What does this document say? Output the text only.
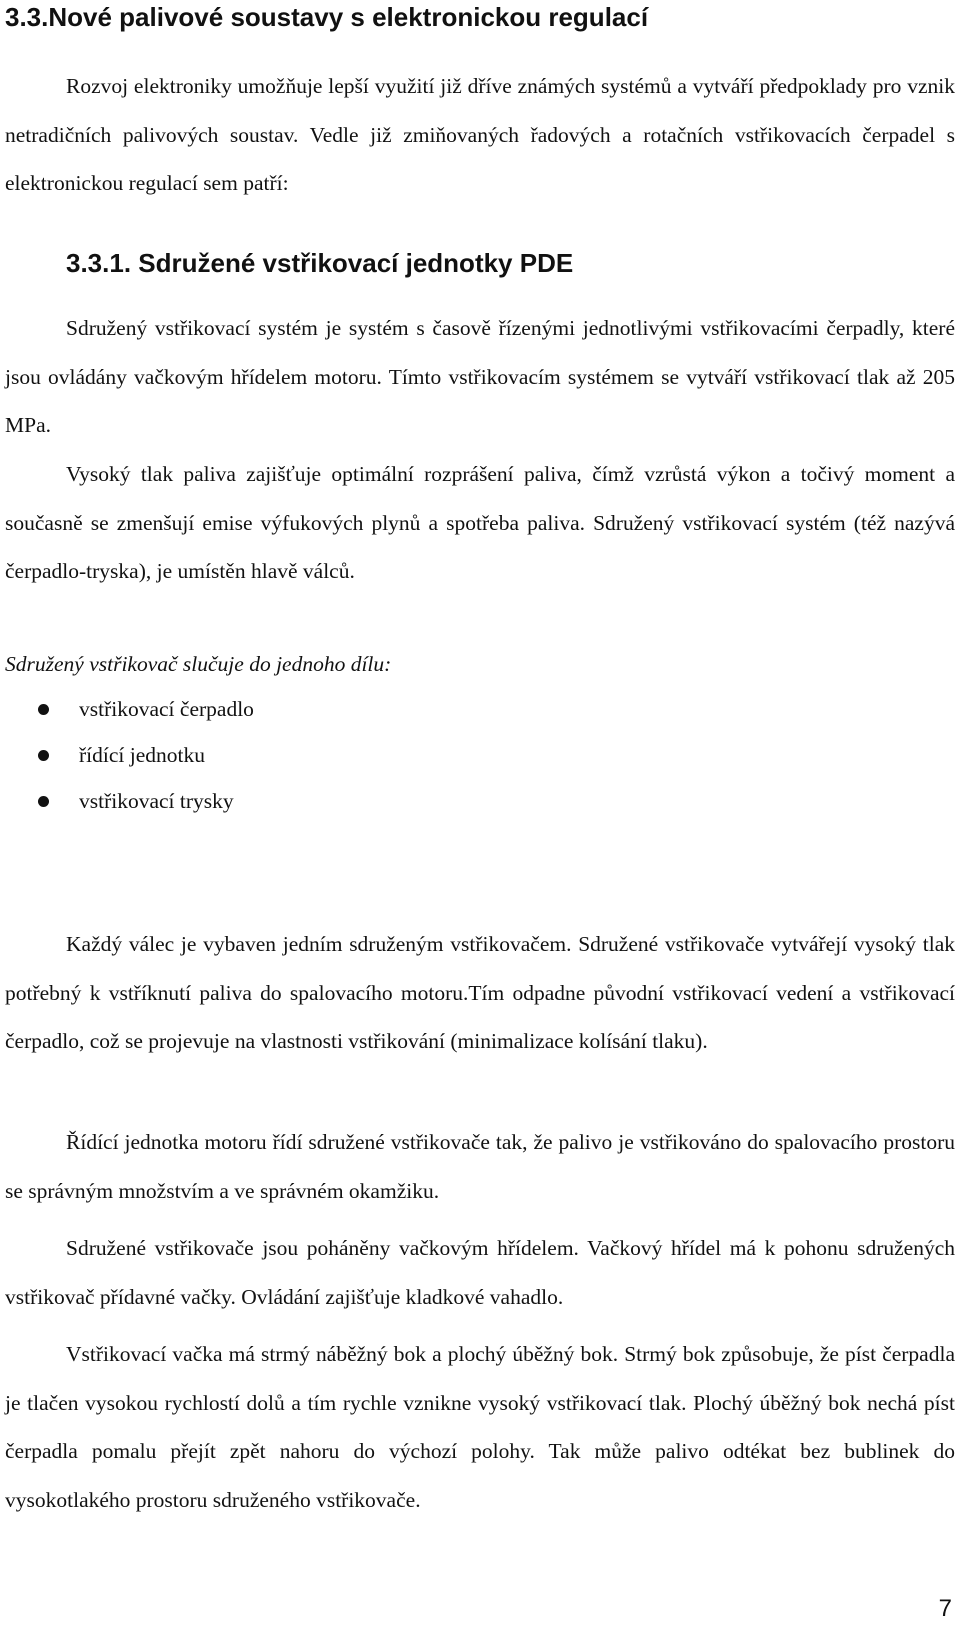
3.3.Nové palivové soustavy s elektronickou regulací

Rozvoj elektroniky umožňuje lepší využití již dříve známých systémů a vytváří předpoklady pro vznik netradičních palivových soustav. Vedle již zmiňovaných řadových a rotačních vstřikovacích čerpadel s elektronickou regulací sem patří:

3.3.1. Sdružené vstřikovací jednotky PDE

Sdružený vstřikovací systém je systém s časově řízenými jednotlivými vstřikovacími čerpadly, které jsou ovládány vačkovým hřídelem motoru. Tímto vstřikovacím systémem se vytváří vstřikovací tlak až 205 MPa.

Vysoký tlak paliva zajišťuje optimální rozprášení paliva, čímž vzrůstá výkon a točivý moment a současně se zmenšují emise výfukových plynů a spotřeba paliva. Sdružený vstřikovací systém (též nazývá čerpadlo-tryska), je umístěn hlavě válců.

Sdružený vstřikovač slučuje do jednoho dílu:

vstřikovací čerpadlo
řídící jednotku
vstřikovací trysky

Každý válec je vybaven jedním sdruženým vstřikovačem. Sdružené vstřikovače vytvářejí vysoký tlak potřebný k vstříknutí paliva do spalovacího motoru.Tím odpadne původní vstřikovací vedení a vstřikovací čerpadlo, což se projevuje na vlastnosti vstřikování (minimalizace kolísání tlaku).

Řídící jednotka motoru řídí sdružené vstřikovače tak, že palivo je vstřikováno do spalovacího prostoru se správným množstvím a ve správném okamžiku.

Sdružené vstřikovače jsou poháněny vačkovým hřídelem. Vačkový hřídel má k pohonu sdružených vstřikovač přídavné vačky. Ovládání zajišťuje kladkové vahadlo.

Vstřikovací vačka má strmý náběžný bok a plochý úběžný bok. Strmý bok způsobuje, že píst čerpadla je tlačen vysokou rychlostí dolů a tím rychle vznikne vysoký vstřikovací tlak. Plochý úběžný bok nechá píst čerpadla pomalu přejít zpět nahoru do výchozí polohy. Tak může palivo odtékat bez bublinek do vysokotlakého prostoru sdruženého vstřikovače.

7
